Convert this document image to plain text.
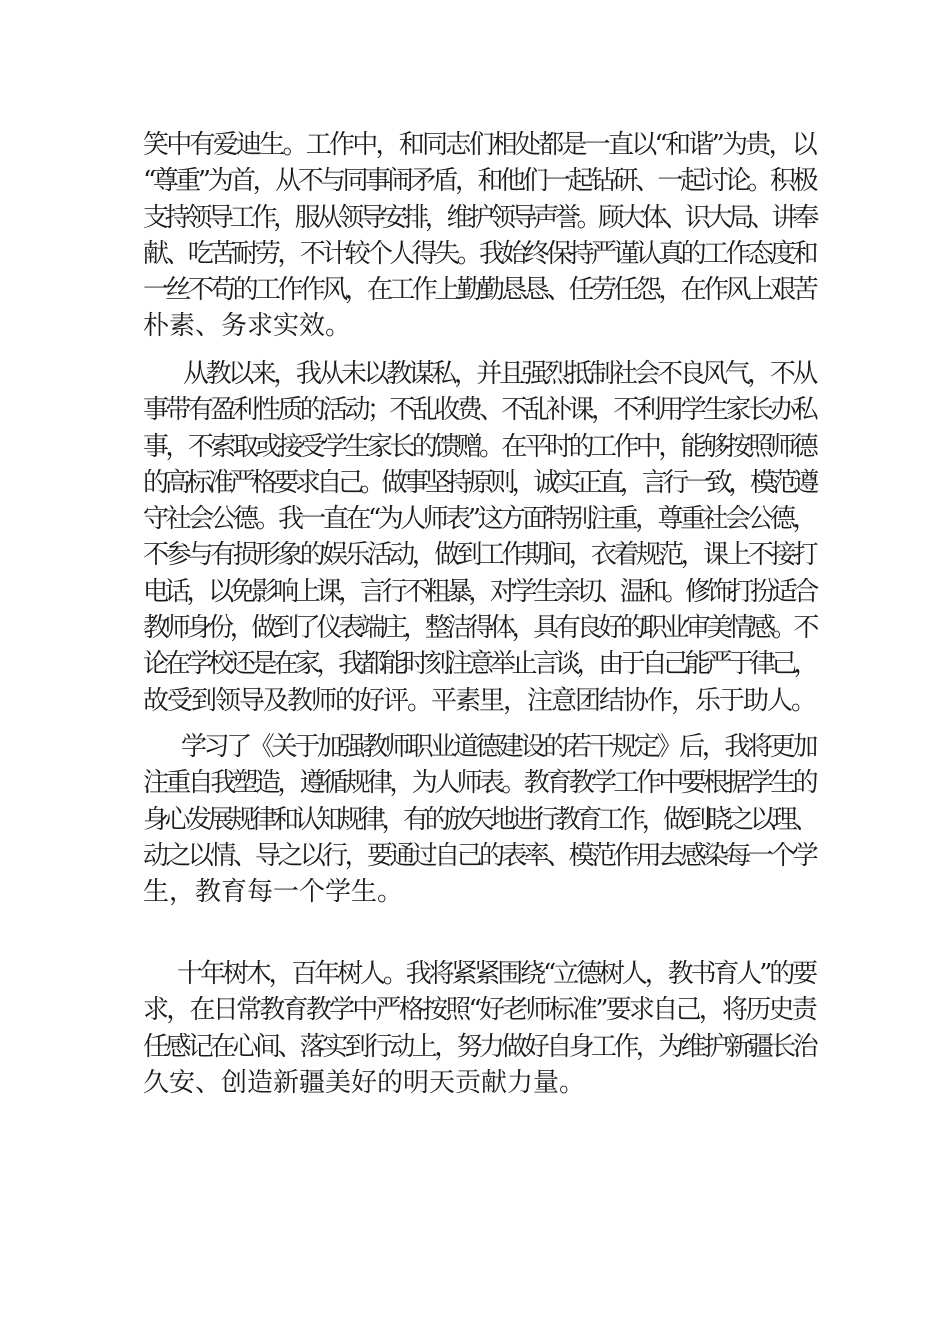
笑中有爱迪生。工作中，和同志们相处都是一直以“和谐”为贵，以
“尊重”为首，从不与同事闹矛盾，和他们一起钻研、一起讨论。积极
支持领导工作，服从领导安排，维护领导声誉。顾大体、识大局、讲奉
献、吃苦耐劳，不计较个人得失。我始终保持严谨认真的工作态度和
一丝不苟的工作作风，在工作上勤勤恳恳、任劳任怨，在作风上艰苦
朴素、务求实效。
从教以来，我从未以教谋私，并且强烈抵制社会不良风气，不从
事带有盈利性质的活动；不乱收费、不乱补课，不利用学生家长办私
事，不索取或接受学生家长的馈赠。在平时的工作中，能够按照师德
的高标准严格要求自己。做事坚持原则，诚实正直，言行一致，模范遵
守社会公德。我一直在“为人师表”这方面特别注重，尊重社会公德，
不参与有损形象的娱乐活动，做到工作期间，衣着规范，课上不接打
电话，以免影响上课，言行不粗暴，对学生亲切、温和。修饰打扮适合
教师身份，做到了仪表端庄，整洁得体，具有良好的职业审美情感。不
论在学校还是在家，我都能时刻注意举止言谈，由于自己能严于律己，
故受到领导及教师的好评。平素里，注意团结协作，乐于助人。
学习了《关于加强教师职业道德建设的若干规定》后，我将更加
注重自我塑造，遵循规律，为人师表。教育教学工作中要根据学生的
身心发展规律和认知规律，有的放矢地进行教育工作，做到晓之以理、
动之以情、导之以行，要通过自己的表率、模范作用去感染每一个学
生，教育每一个学生。
十年树木，百年树人。我将紧紧围绕“立德树人，教书育人”的要
求，在日常教育教学中严格按照“好老师标准”要求自己，将历史责
任感记在心间、落实到行动上，努力做好自身工作，为维护新疆长治
久安、创造新疆美好的明天贡献力量。
